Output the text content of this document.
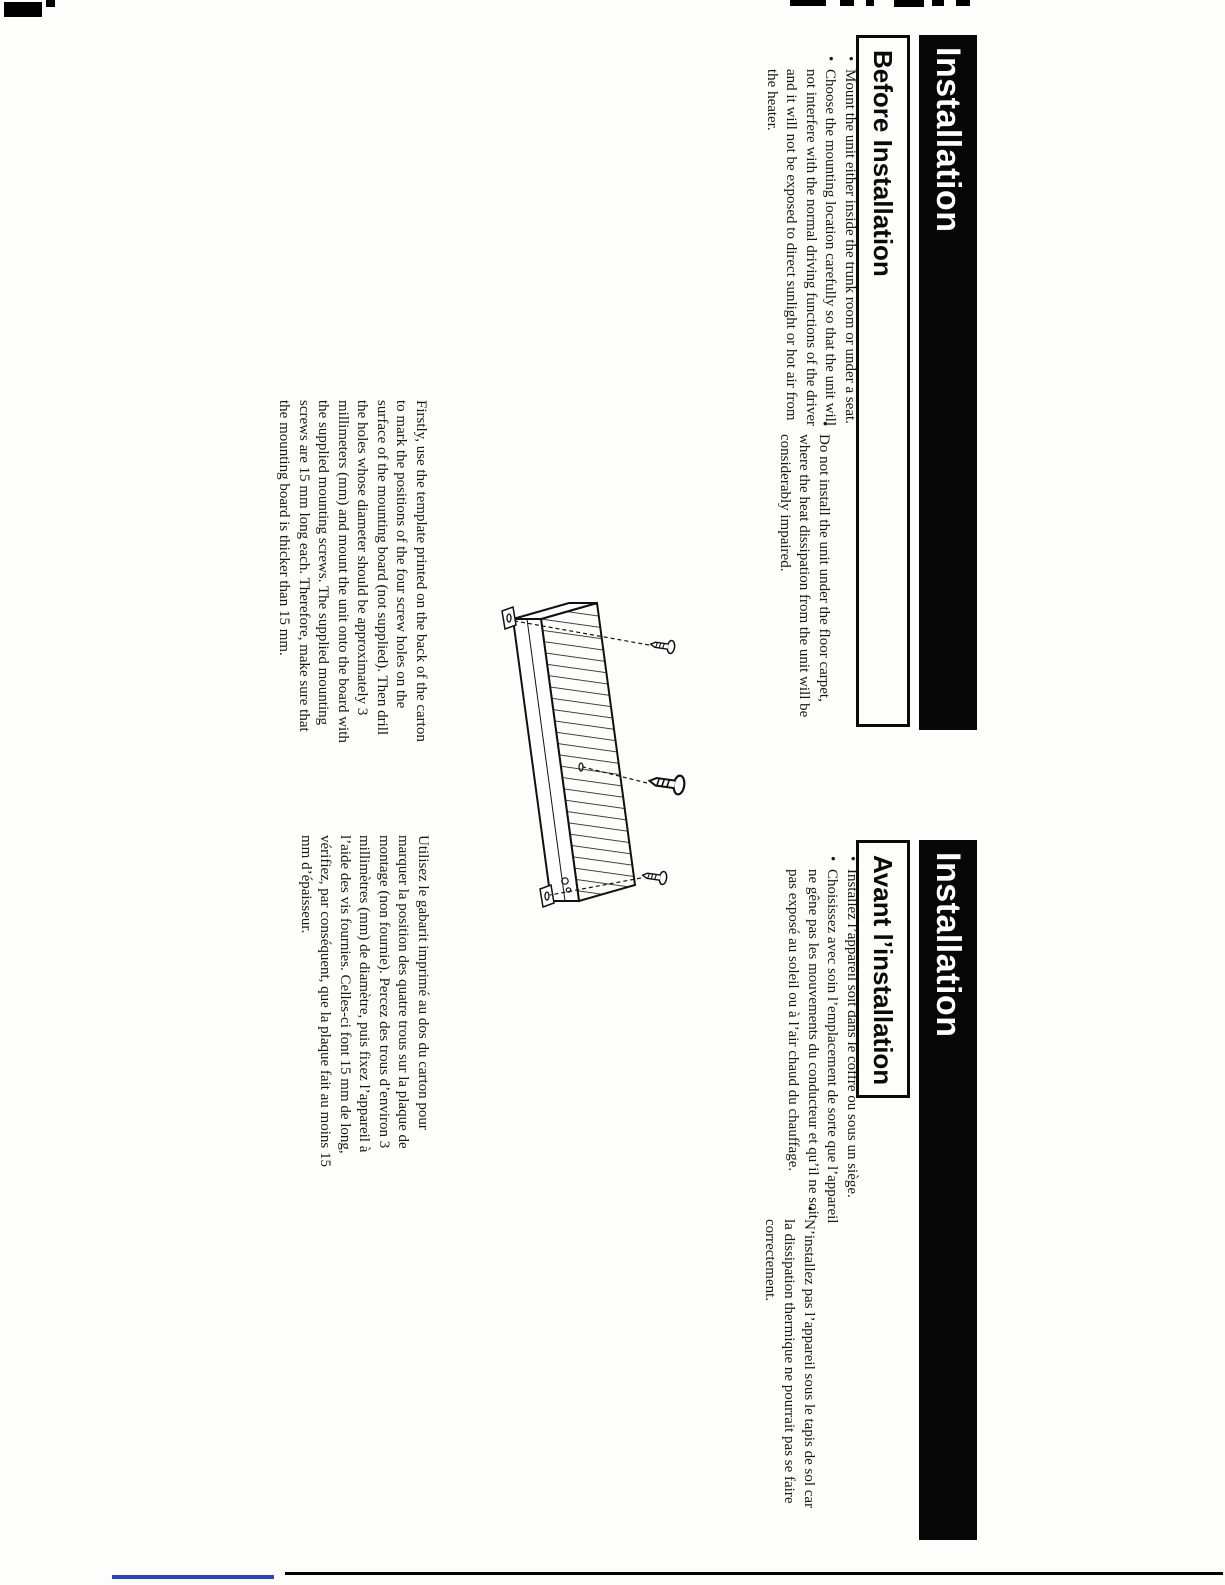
Installation
Before Installation
• Mount the unit either inside the trunk room or under a seat.
• Choose the mounting location carefully so that the unit will not interfere with the normal driving functions of the driver and it will not be exposed to direct sunlight or hot air from the heater.
• Do not install the unit under the floor carpet, where the heat dissipation from the unit will be considerably impaired.
Firstly, use the template printed on the back of the carton to mark the positions of the four screw holes on the surface of the mounting board (not supplied). Then drill the holes whose diameter should be approximately 3 millimeters (mm) and mount the unit onto the board with the supplied mounting screws. The supplied mounting screws are 15 mm long each. Therefore, make sure that the mounting board is thicker than 15 mm.
Installation
Avant l’installation
• Installez l’appareil soit dans le coffre ou sous un siège.
• Choisissez avec soin l’emplacement de sorte que l’appareil ne gêne pas les mouvements du conducteur et qu’il ne soit pas exposé au soleil ou à l’air chaud du chauffage.
• N’installez pas l’appareil sous le tapis de sol car la dissipation thermique ne pourrait pas se faire correctement.
Utilisez le gabarit imprimé au dos du carton pour marquer la position des quatre trous sur la plaque de montage (non fournie). Percez des trous d’environ 3 millimètres (mm) de diamètre, puis fixez l’appareil à l’aide des vis fournies. Celles-ci font 15 mm de long, vérifiez, par conséquent, que la plaque fait au moins 15 mm d’épaisseur.
